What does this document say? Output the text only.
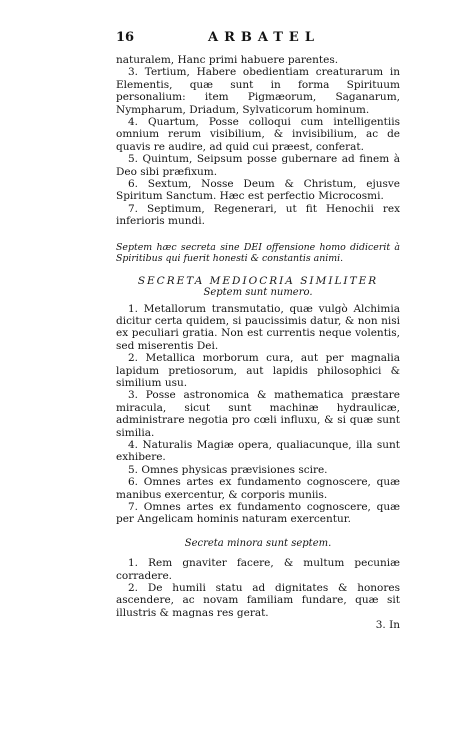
16	ARBATEL

naturalem, Hanc primi habuere parentes.

3. Tertium, Habere obedientiam creaturarum in Elementis, quæ sunt in forma Spirituum personalium: item Pigmæorum, Saganarum, Nympharum, Driadum, Sylvaticorum hominum.

4. Quartum, Posse colloqui cum intelligentiis omnium rerum visibilium, & invisibilium, ac de quavis re audire, ad quid cui præest, conferat.

5. Quintum, Seipsum posse gubernare ad finem à Deo sibi præfixum.

6. Sextum, Nosse Deum & Christum, ejusve Spiritum Sanctum. Hæc est perfectio Microcosmi.

7. Septimum, Regenerari, ut fit Henochii rex inferioris mundi.

Septem hæc secreta sine DEI offensione homo didicerit à Spiritibus qui fuerit honesti & constantis animi.
SECRETA MEDIOCRIA SIMILITER
Septem sunt numero.

1. Metallorum transmutatio, quæ vulgò Alchimia dicitur certa quidem, si paucissimis datur, & non nisi ex peculiari gratia. Non est currentis neque volentis, sed miserentis Dei.

2. Metallica morborum cura, aut per magnalia lapidum pretiosorum, aut lapidis philosophici & similium usu.

3. Posse astronomica & mathematica præstare miracula, sicut sunt machinæ hydraulicæ, administrare negotia pro cœli influxu, & si quæ sunt similia.

4. Naturalis Magiæ opera, qualiacunque, illa sunt exhibere.

5. Omnes physicas prævisiones scire.

6. Omnes artes ex fundamento cognoscere, quæ manibus exercentur, & corporis muniis.

7. Omnes artes ex fundamento cognoscere, quæ per Angelicam hominis naturam exercentur.

Secreta minora sunt septem.

1. Rem gnaviter facere, & multum pecuniæ corradere.

2. De humili statu ad dignitates & honores ascendere, ac novam familiam fundare, quæ sit illustris & magnas res gerat.

3. In
